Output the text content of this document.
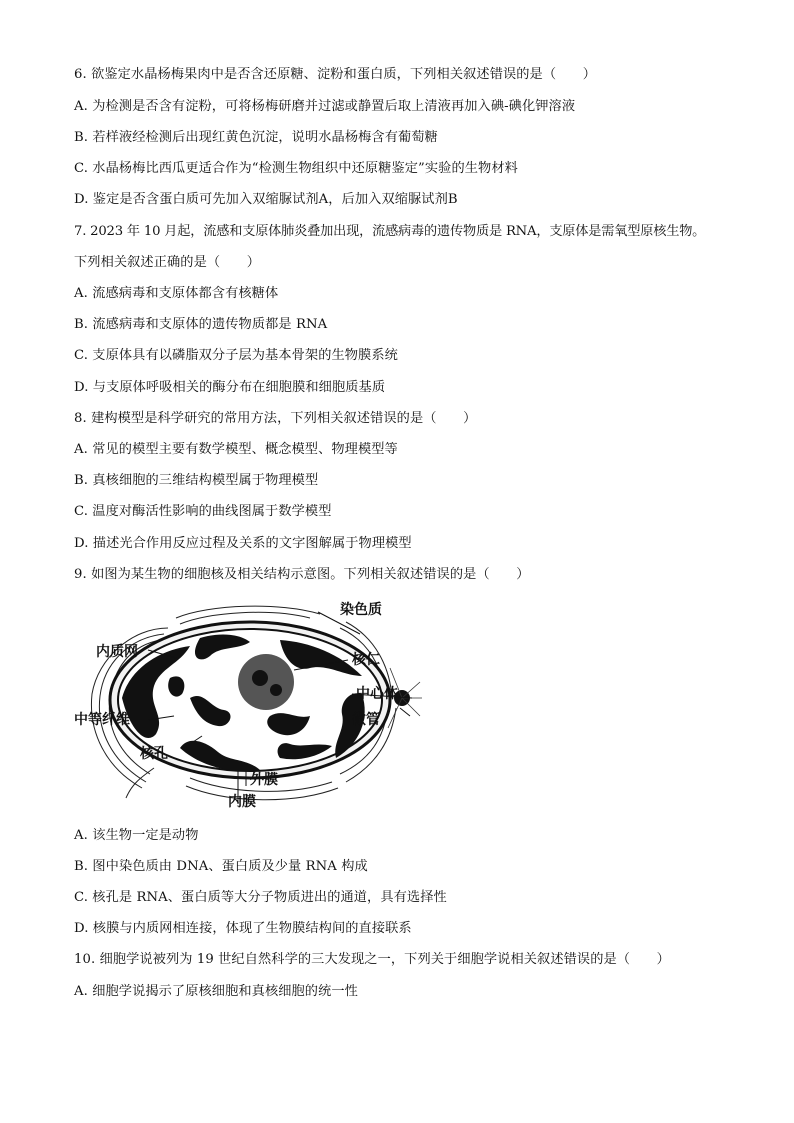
6. 欲鉴定水晶杨梅果肉中是否含还原糖、淀粉和蛋白质，下列相关叙述错误的是（　　）
A. 为检测是否含有淀粉，可将杨梅研磨并过滤或静置后取上清液再加入碘-碘化钾溶液
B. 若样液经检测后出现红黄色沉淀，说明水晶杨梅含有葡萄糖
C. 水晶杨梅比西瓜更适合作为“检测生物组织中还原糖鉴定”实验的生物材料
D. 鉴定是否含蛋白质可先加入双缩脲试剂A，后加入双缩脲试剂B
7. 2023 年 10 月起，流感和支原体肺炎叠加出现，流感病毒的遗传物质是 RNA，支原体是需氧型原核生物。
下列相关叙述正确的是（　　）
A. 流感病毒和支原体都含有核糖体
B. 流感病毒和支原体的遗传物质都是 RNA
C. 支原体具有以磷脂双分子层为基本骨架的生物膜系统
D. 与支原体呼吸相关的酶分布在细胞膜和细胞质基质
8. 建构模型是科学研究的常用方法，下列相关叙述错误的是（　　）
A. 常见的模型主要有数学模型、概念模型、物理模型等
B. 真核细胞的三维结构模型属于物理模型
C. 温度对酶活性影响的曲线图属于数学模型
D. 描述光合作用反应过程及关系的文字图解属于物理模型
9. 如图为某生物的细胞核及相关结构示意图。下列相关叙述错误的是（　　）
染色质
内质网	核仁
中心体
微管
中等纤维
核孔
外膜
内膜
A. 该生物一定是动物
B. 图中染色质由 DNA、蛋白质及少量 RNA 构成
C. 核孔是 RNA、蛋白质等大分子物质进出的通道，具有选择性
D. 核膜与内质网相连接，体现了生物膜结构间的直接联系
10. 细胞学说被列为 19 世纪自然科学的三大发现之一，下列关于细胞学说相关叙述错误的是（　　）
A. 细胞学说揭示了原核细胞和真核细胞的统一性
